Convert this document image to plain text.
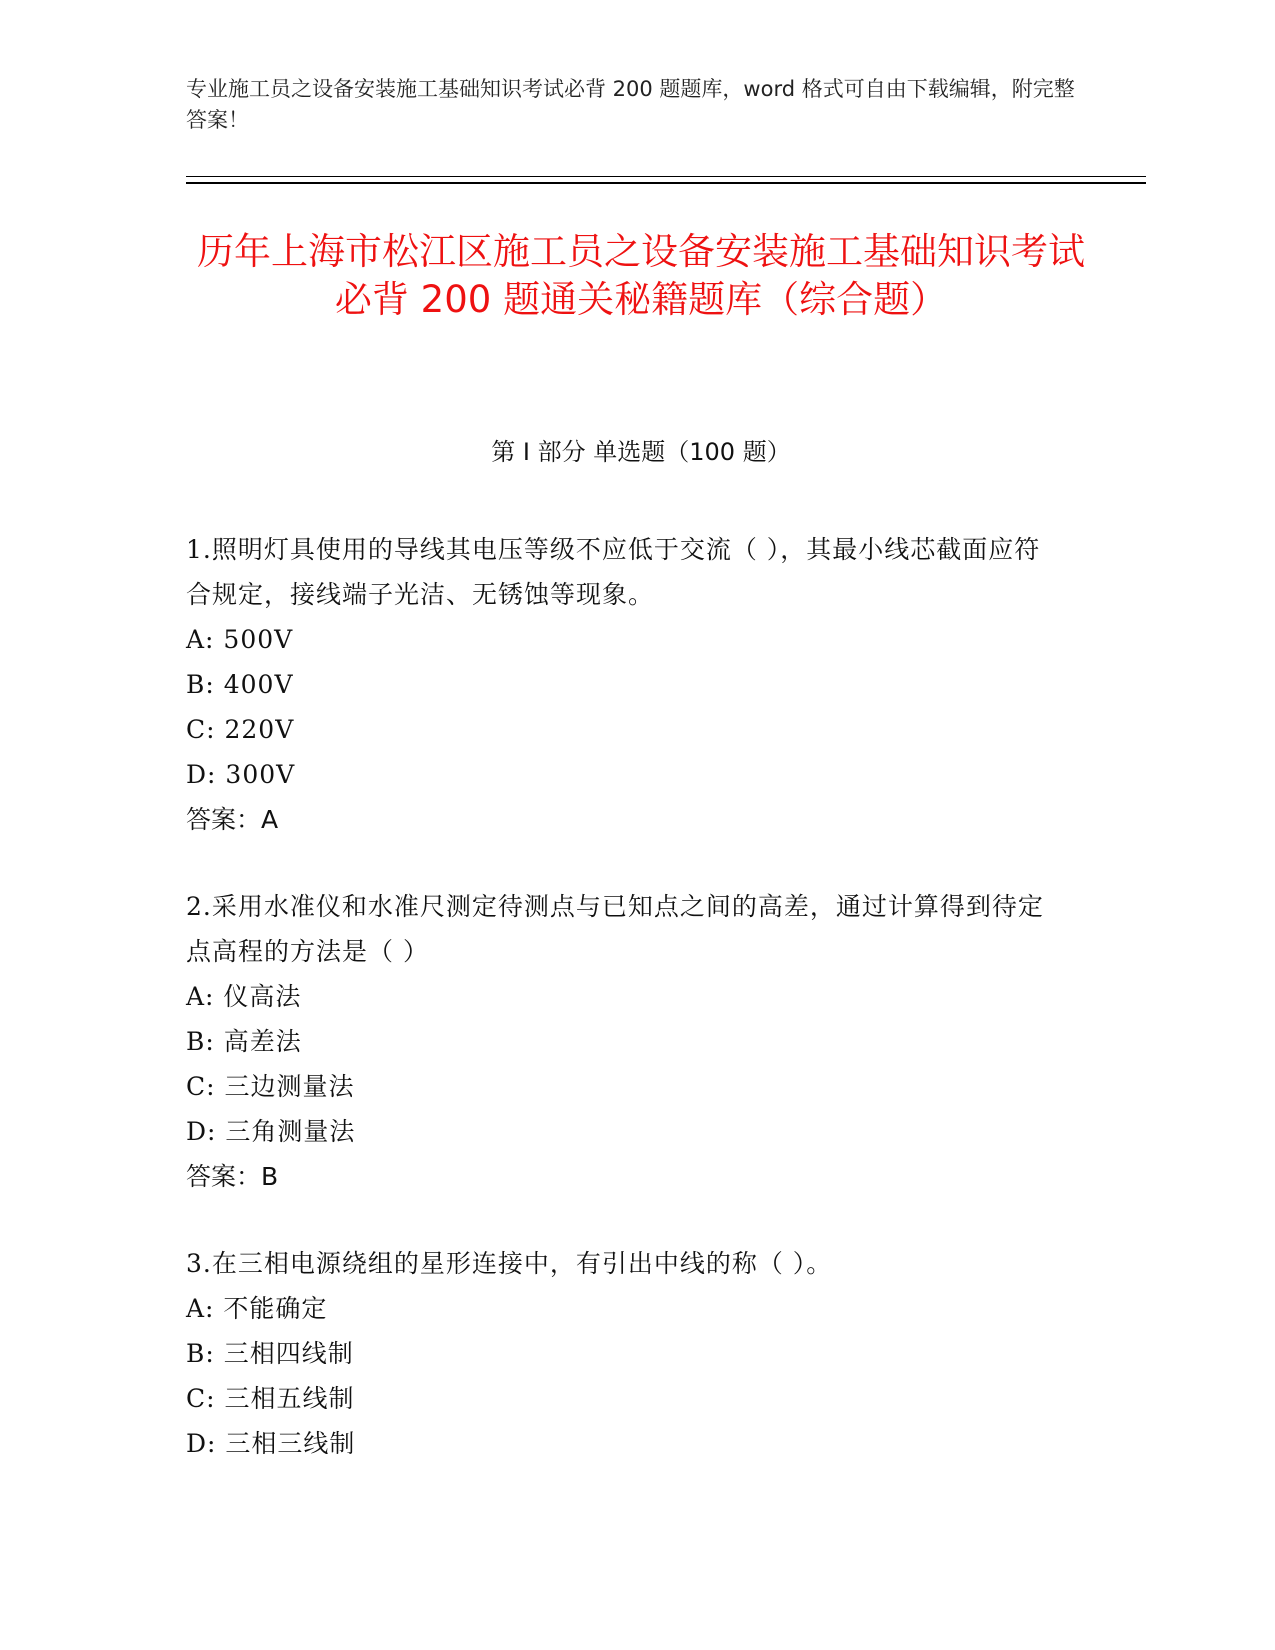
专业施工员之设备安装施工基础知识考试必背 200 题题库，word 格式可自由下载编辑，附完整答案！
历年上海市松江区施工员之设备安装施工基础知识考试必背 200 题通关秘籍题库（综合题）
第 I 部分 单选题（100 题）
1.照明灯具使用的导线其电压等级不应低于交流（ ），其最小线芯截面应符合规定，接线端子光洁、无锈蚀等现象。
A: 500V
B: 400V
C: 220V
D: 300V
答案：A
2.采用水准仪和水准尺测定待测点与已知点之间的高差，通过计算得到待定点高程的方法是（ ）
A: 仪高法
B: 高差法
C: 三边测量法
D: 三角测量法
答案：B
3.在三相电源绕组的星形连接中，有引出中线的称（ ）。
A: 不能确定
B: 三相四线制
C: 三相五线制
D: 三相三线制
